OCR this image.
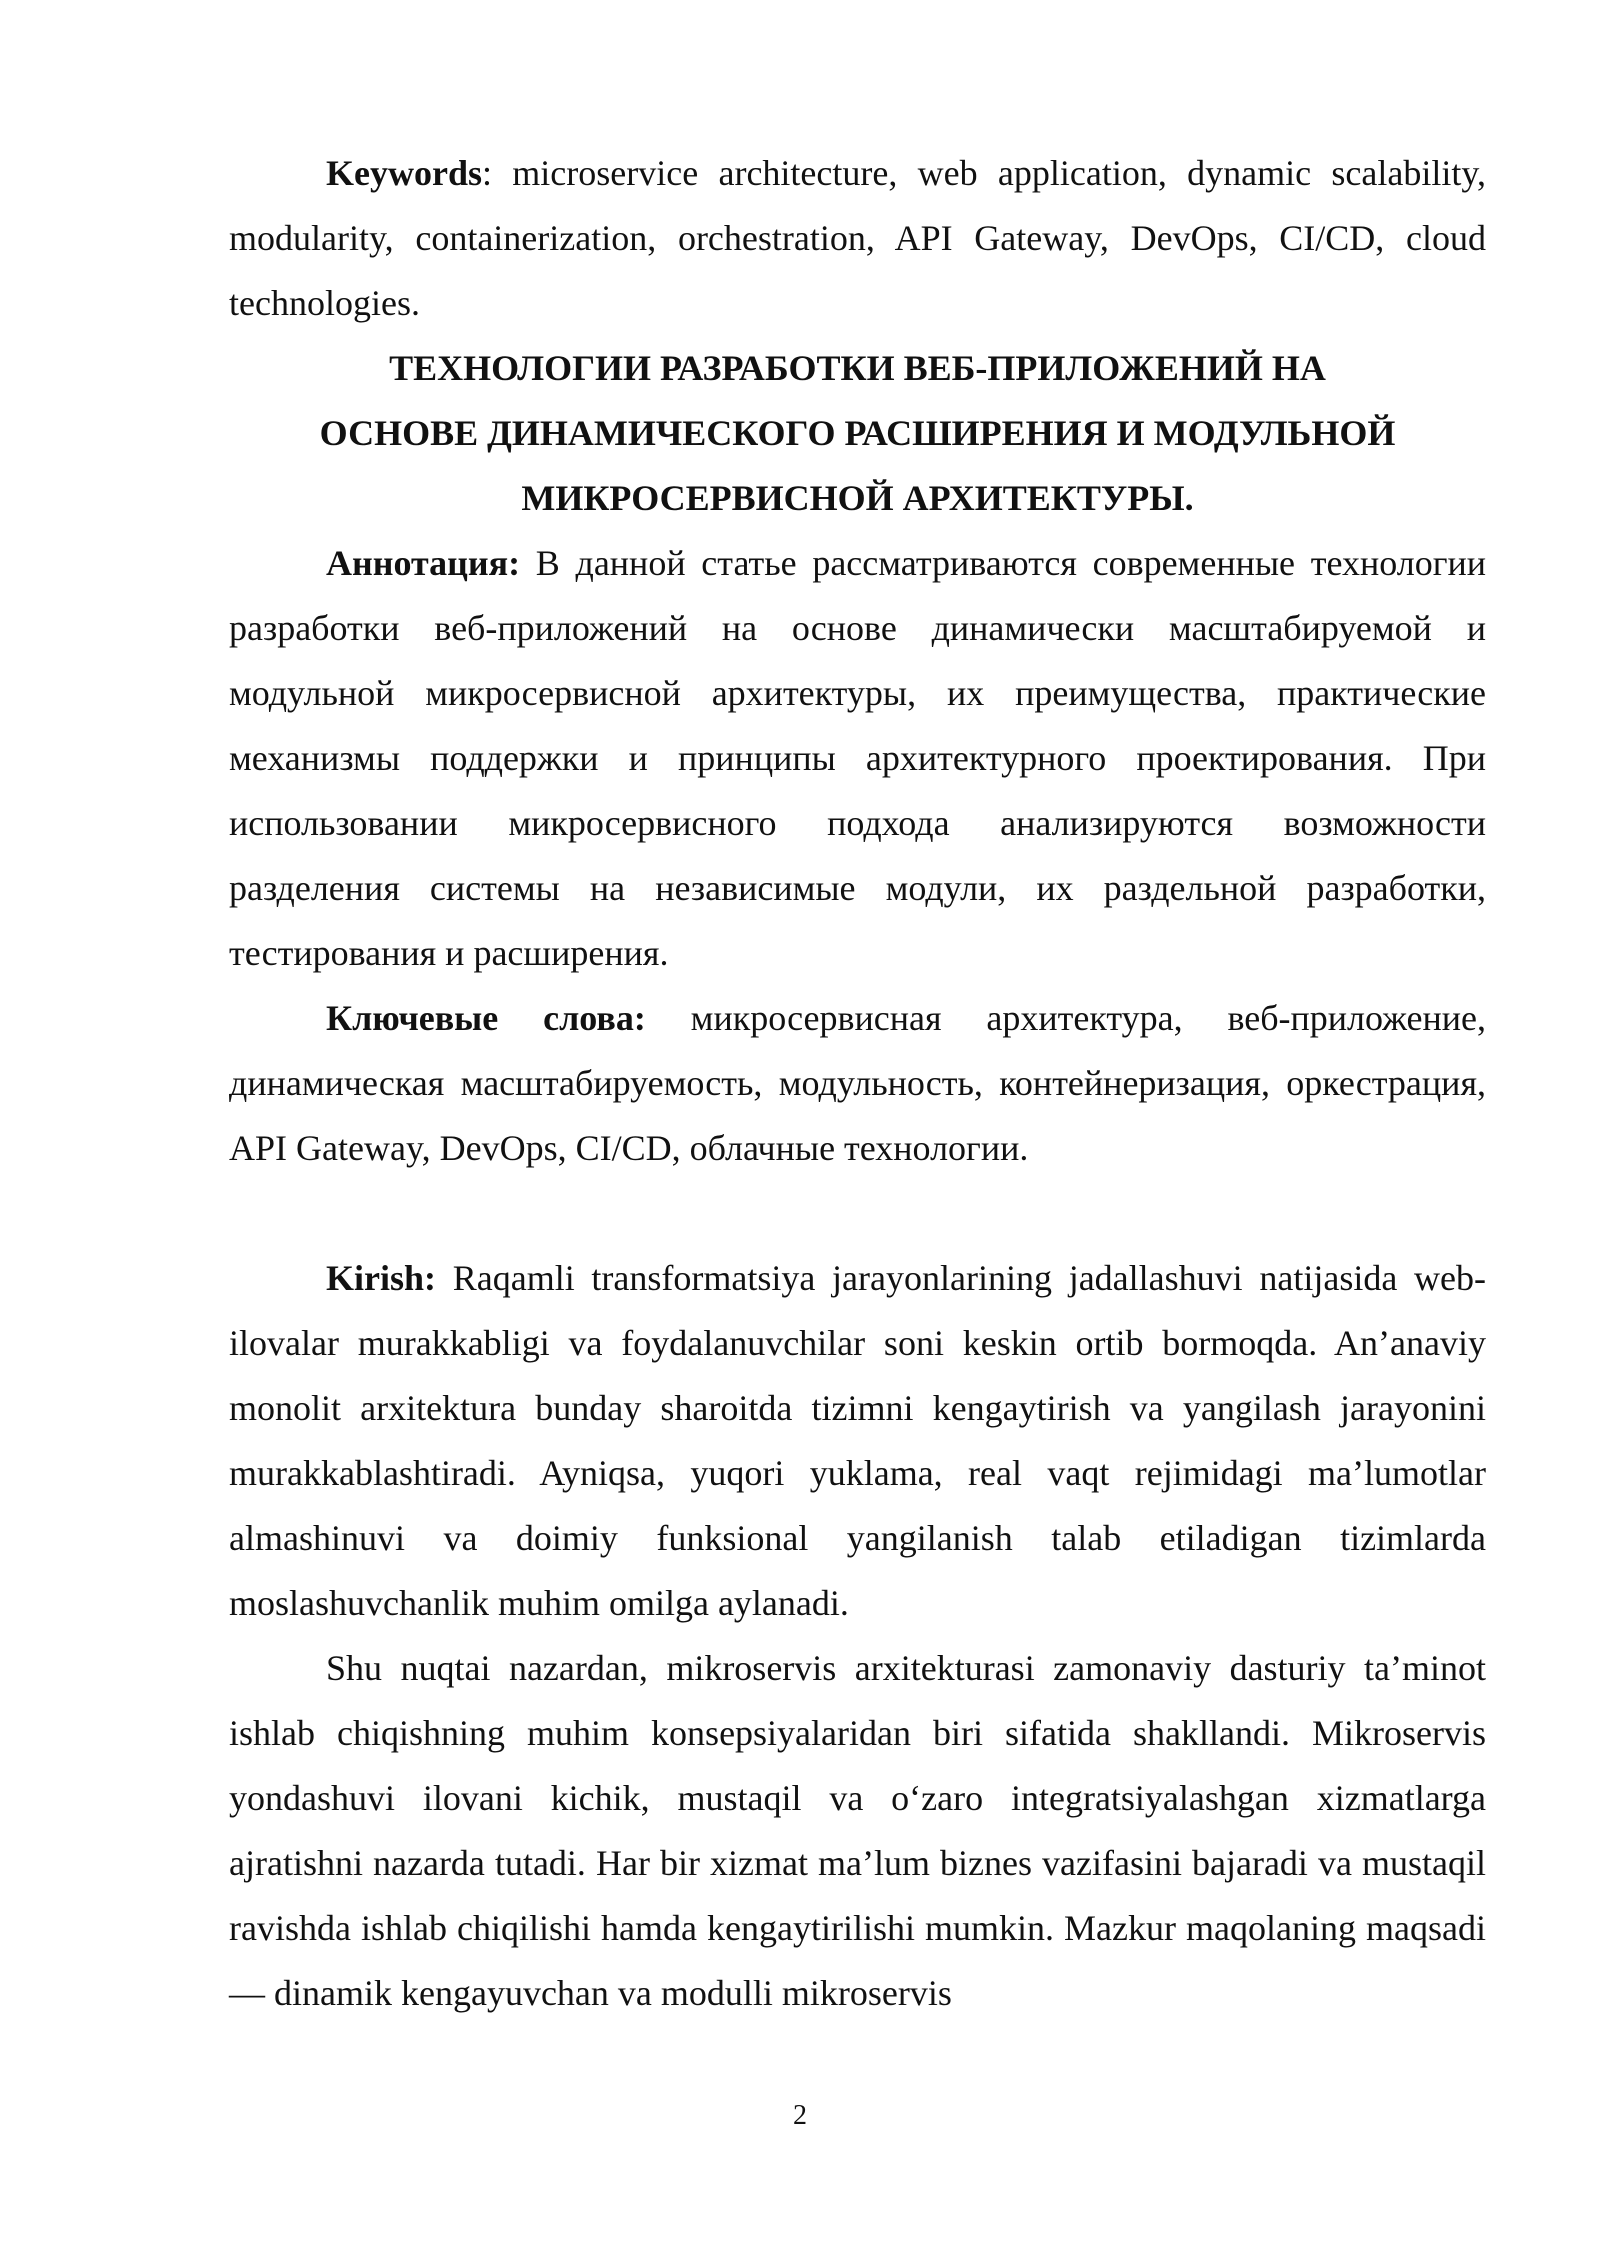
Keywords: microservice architecture, web application, dynamic scalability, modularity, containerization, orchestration, API Gateway, DevOps, CI/CD, cloud technologies.

ТЕХНОЛОГИИ РАЗРАБОТКИ ВЕБ-ПРИЛОЖЕНИЙ НА
ОСНОВЕ ДИНАМИЧЕСКОГО РАСШИРЕНИЯ И МОДУЛЬНОЙ
МИКРОСЕРВИСНОЙ АРХИТЕКТУРЫ.

Аннотация: В данной статье рассматриваются современные технологии разработки веб-приложений на основе динамически масштабируемой и модульной микросервисной архитектуры, их преимущества, практические механизмы поддержки и принципы архитектурного проектирования. При использовании микросервисного подхода анализируются возможности разделения системы на независимые модули, их раздельной разработки, тестирования и расширения.

Ключевые слова: микросервисная архитектура, веб-приложение, динамическая масштабируемость, модульность, контейнеризация, оркестрация, API Gateway, DevOps, CI/CD, облачные технологии.

Kirish: Raqamli transformatsiya jarayonlarining jadallashuvi natijasida web-ilovalar murakkabligi va foydalanuvchilar soni keskin ortib bormoqda. An’anaviy monolit arxitektura bunday sharoitda tizimni kengaytirish va yangilash jarayonini murakkablashtiradi. Ayniqsa, yuqori yuklama, real vaqt rejimidagi ma’lumotlar almashinuvi va doimiy funksional yangilanish talab etiladigan tizimlarda moslashuvchanlik muhim omilga aylanadi.

Shu nuqtai nazardan, mikroservis arxitekturasi zamonaviy dasturiy ta’minot ishlab chiqishning muhim konsepsiyalaridan biri sifatida shakllandi. Mikroservis yondashuvi ilovani kichik, mustaqil va o‘zaro integratsiyalashgan xizmatlarga ajratishni nazarda tutadi. Har bir xizmat ma’lum biznes vazifasini bajaradi va mustaqil ravishda ishlab chiqilishi hamda kengaytirilishi mumkin. Mazkur maqolaning maqsadi — dinamik kengayuvchan va modulli mikroservis

2
